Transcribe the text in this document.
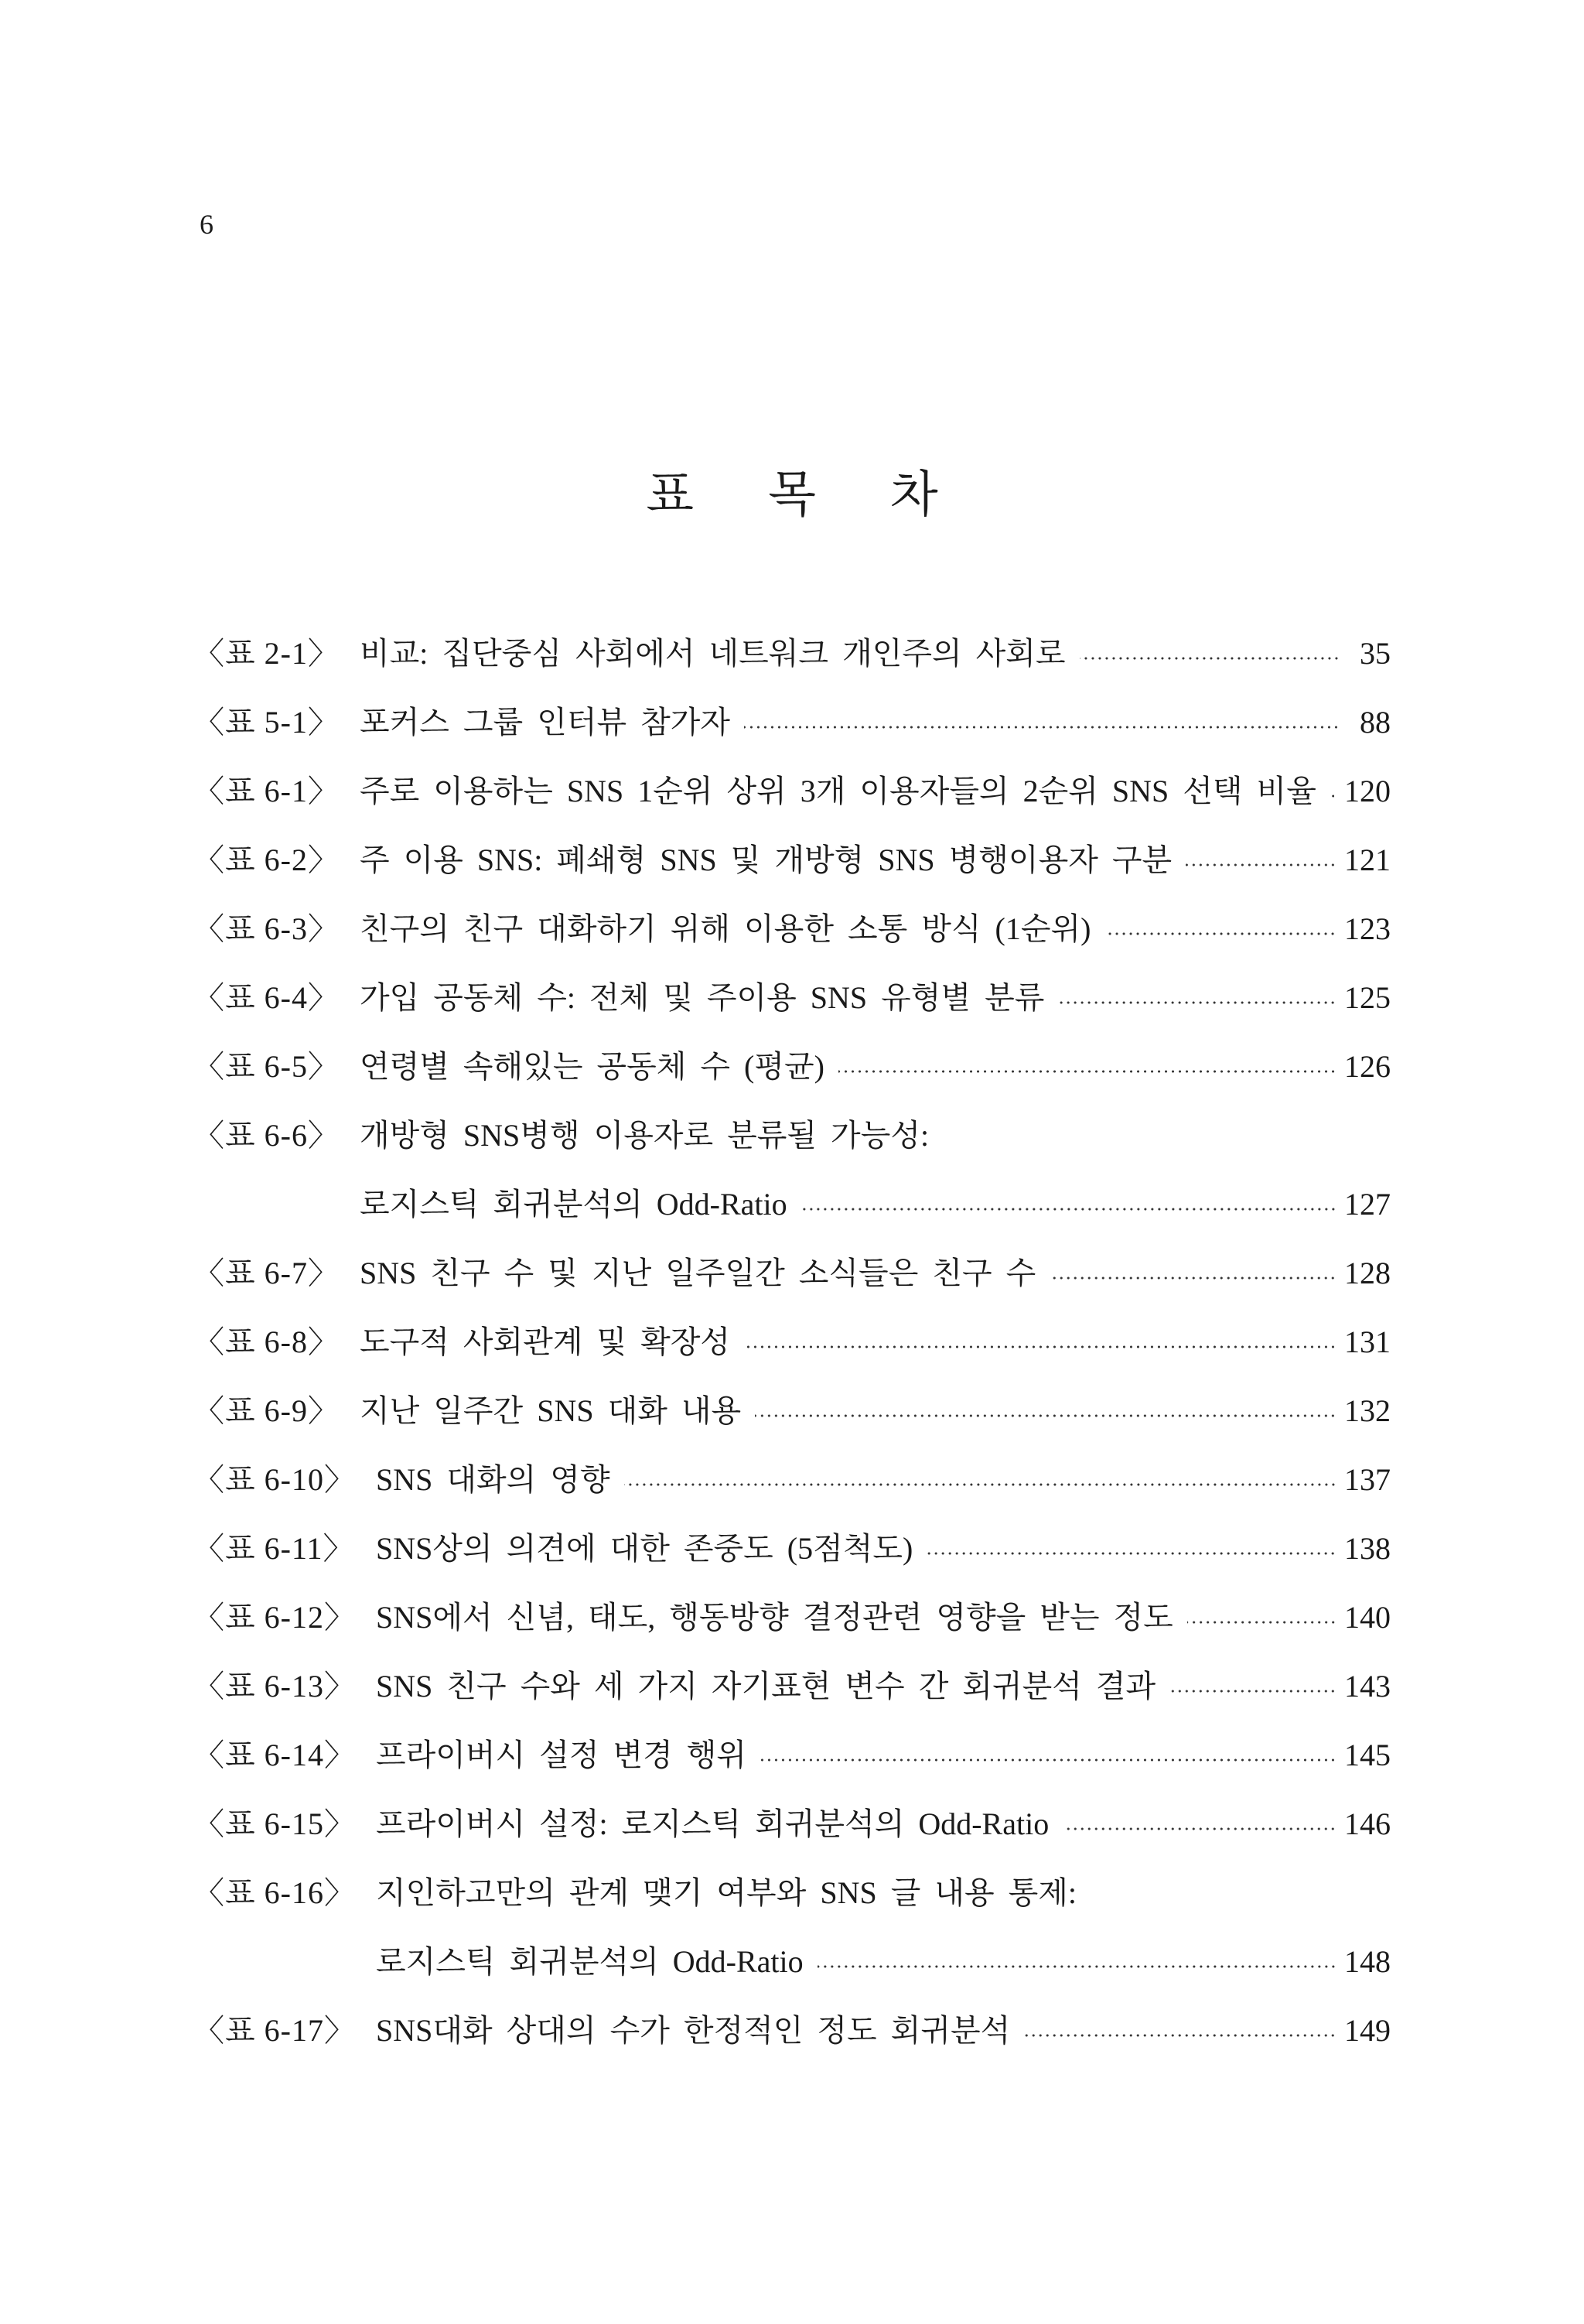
6
표 목 차
〈표 2-1〉 비교: 집단중심 사회에서 네트워크 개인주의 사회로	35
〈표 5-1〉 포커스 그룹 인터뷰 참가자	88
〈표 6-1〉 주로 이용하는 SNS 1순위 상위 3개 이용자들의 2순위 SNS 선택 비율 120
〈표 6-2〉 주 이용 SNS: 폐쇄형 SNS 및 개방형 SNS 병행이용자 구분	121
〈표 6-3〉 친구의 친구 대화하기 위해 이용한 소통 방식 (1순위)	123
〈표 6-4〉 가입 공동체 수: 전체 및 주이용 SNS 유형별 분류	125
〈표 6-5〉 연령별 속해있는 공동체 수 (평균)	126
〈표 6-6〉 개방형 SNS병행 이용자로 분류될 가능성:
로지스틱 회귀분석의 Odd-Ratio	127
〈표 6-7〉 SNS 친구 수 및 지난 일주일간 소식들은 친구 수	128
〈표 6-8〉 도구적 사회관계 및 확장성	131
〈표 6-9〉 지난 일주간 SNS 대화 내용	132
〈표 6-10〉 SNS 대화의 영향	137
〈표 6-11〉 SNS상의 의견에 대한 존중도 (5점척도)	138
〈표 6-12〉 SNS에서 신념, 태도, 행동방향 결정관련 영향을 받는 정도	140
〈표 6-13〉 SNS 친구 수와 세 가지 자기표현 변수 간 회귀분석 결과	143
〈표 6-14〉 프라이버시 설정 변경 행위	145
〈표 6-15〉 프라이버시 설정: 로지스틱 회귀분석의 Odd-Ratio	146
〈표 6-16〉 지인하고만의 관계 맺기 여부와 SNS 글 내용 통제:
로지스틱 회귀분석의 Odd-Ratio	148
〈표 6-17〉 SNS대화 상대의 수가 한정적인 정도 회귀분석	149
